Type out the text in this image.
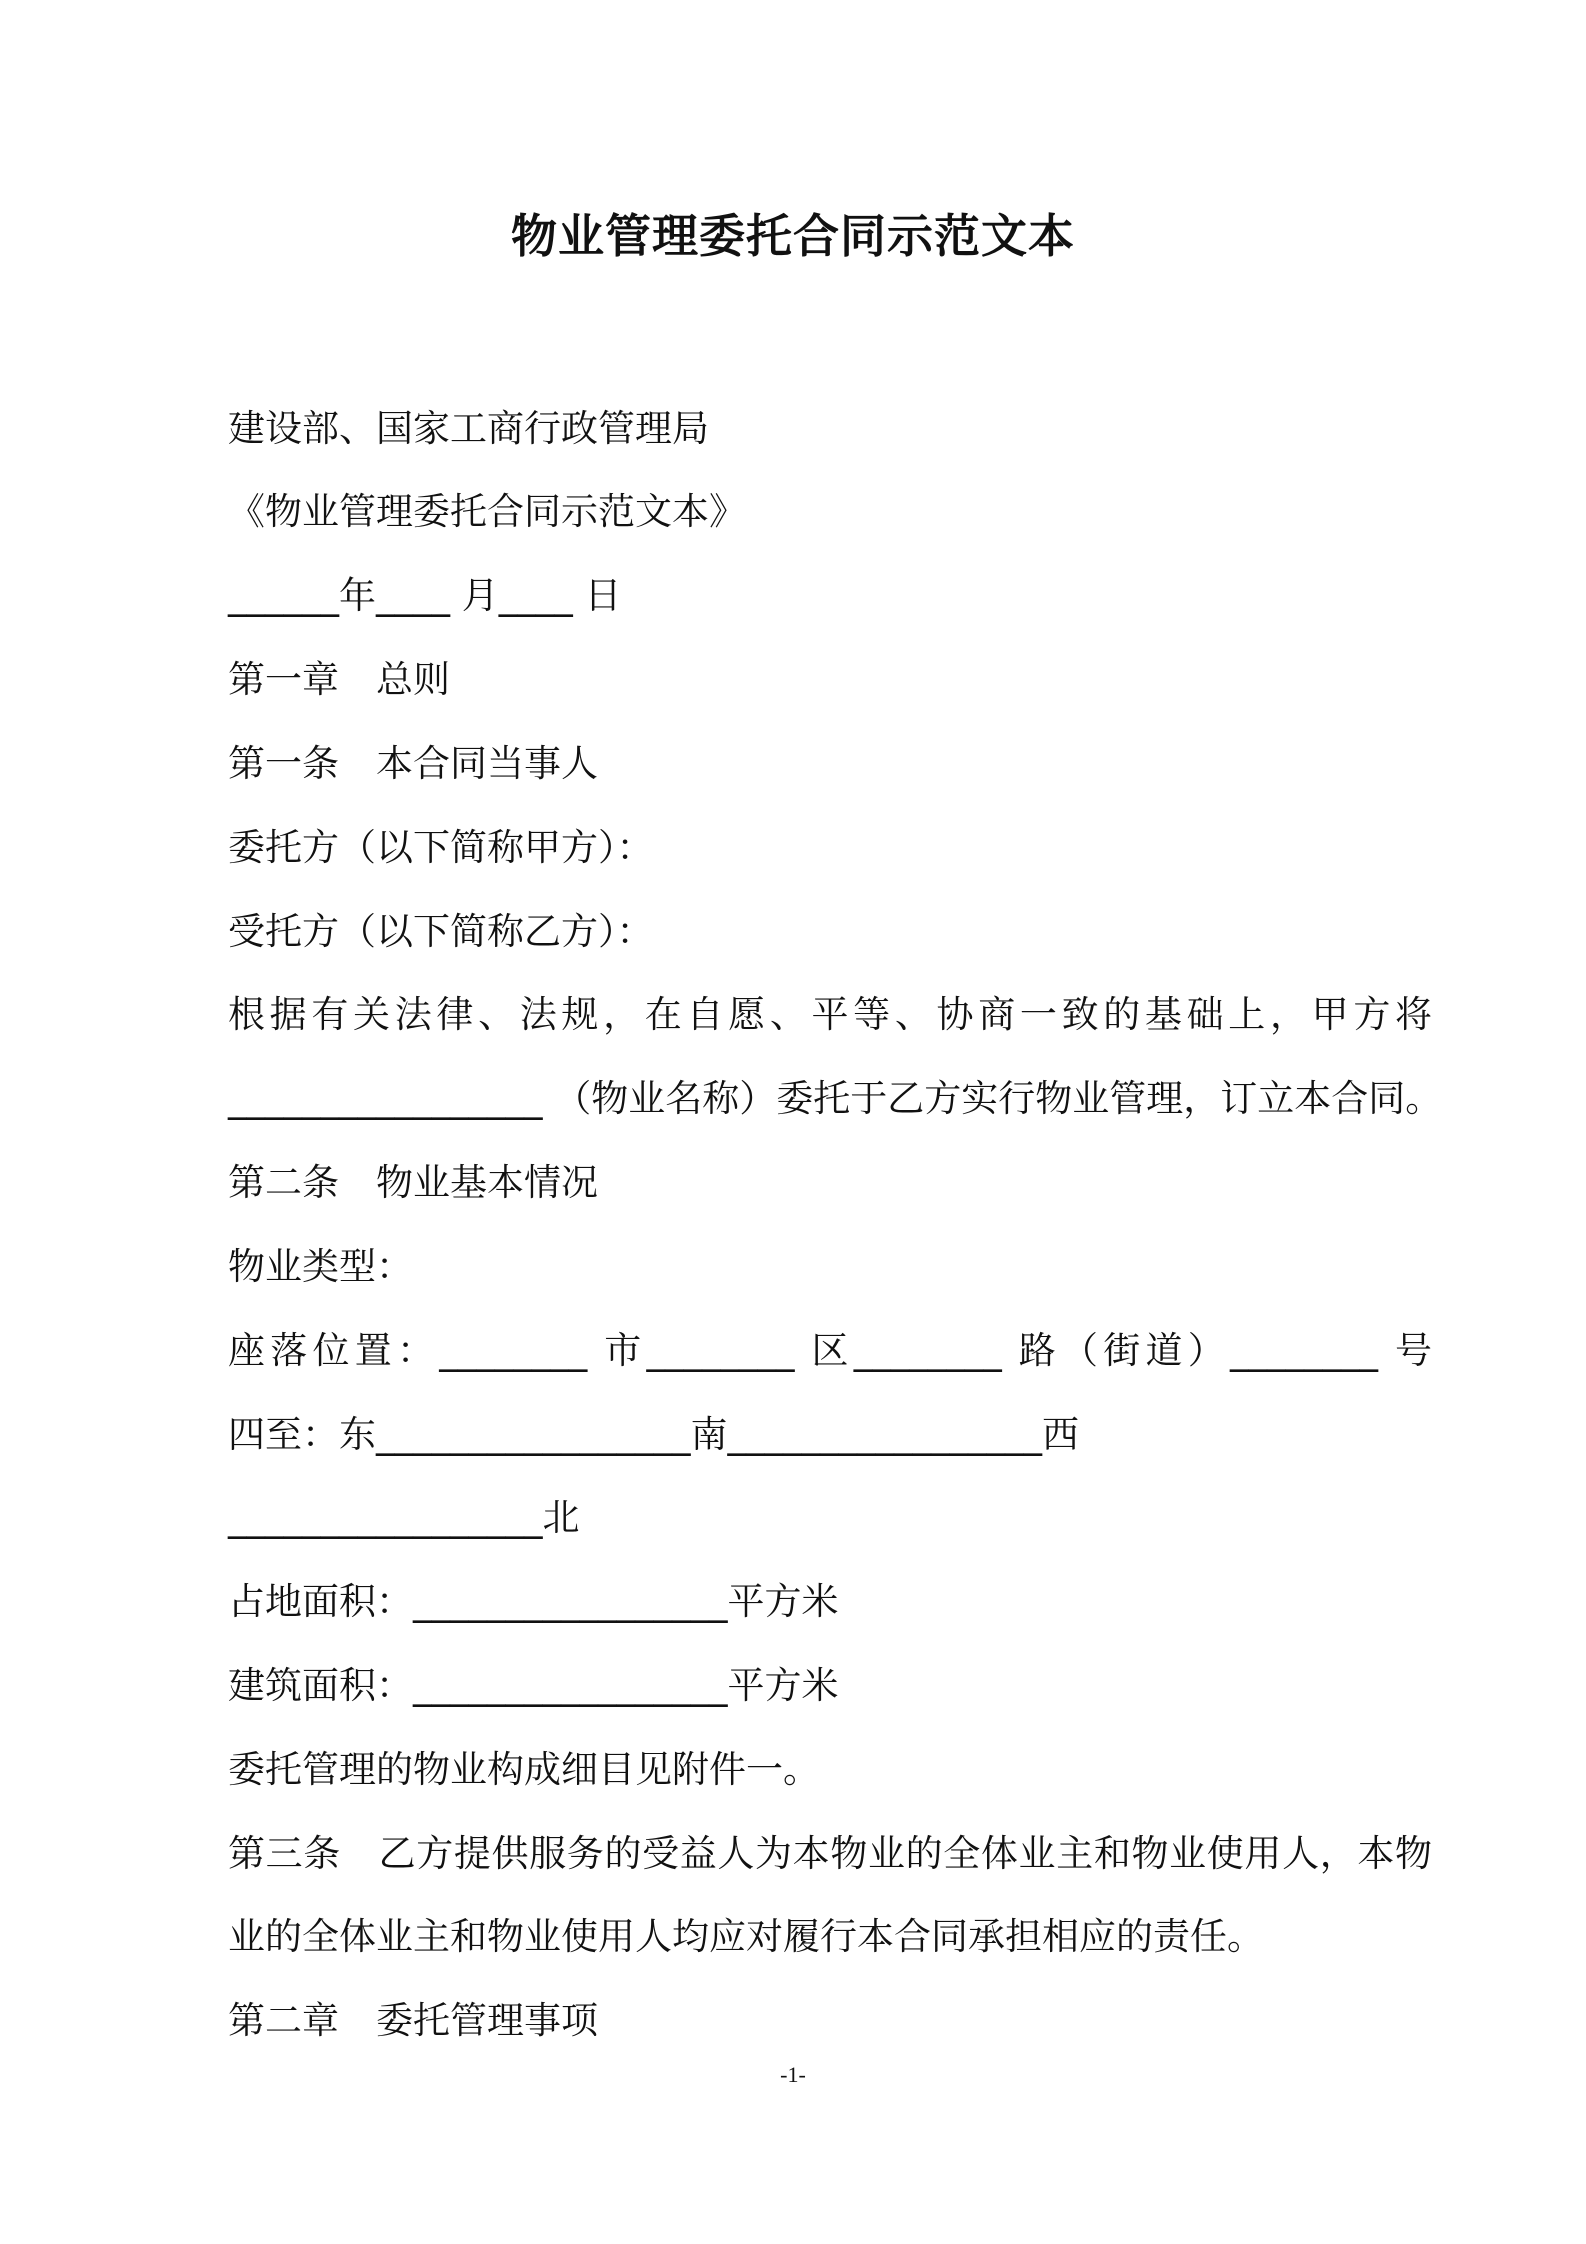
物业管理委托合同示范文本
建设部、国家工商行政管理局
《物业管理委托合同示范文本》
______年____ 月____ 日
第一章　总则
第一条　本合同当事人
委托方（以下简称甲方）：
受托方（以下简称乙方）：
根据有关法律、法规，在自愿、平等、协商一致的基础上，甲方将
_________________ （物业名称）委托于乙方实行物业管理，订立本合同。
第二条　物业基本情况
物业类型：
座落位置：________ 市________ 区________ 路（街道）________ 号
四至：东_________________南_________________西
_________________北
占地面积：_________________平方米
建筑面积：_________________平方米
委托管理的物业构成细目见附件一。
第三条　乙方提供服务的受益人为本物业的全体业主和物业使用人，本物
业的全体业主和物业使用人均应对履行本合同承担相应的责任。
第二章　委托管理事项
-1-
